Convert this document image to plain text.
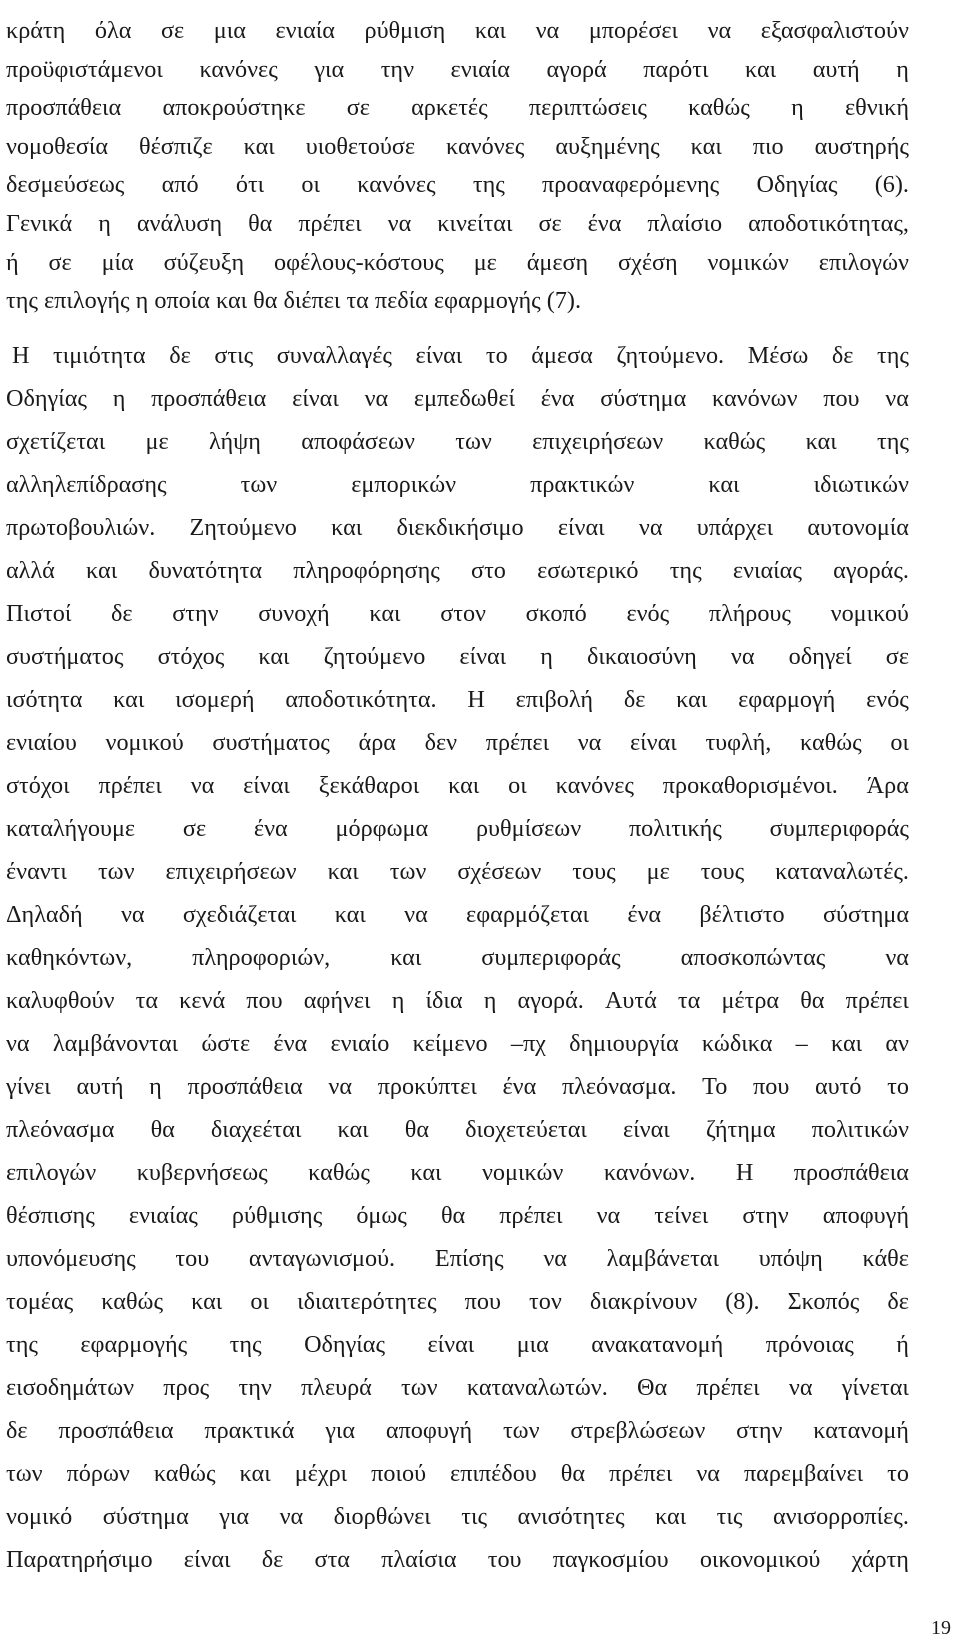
κράτη όλα σε μια ενιαία ρύθμιση και να μπορέσει να εξασφαλιστούν
προϋφιστάμενοι κανόνες για την ενιαία αγορά παρότι και αυτή η
προσπάθεια αποκρούστηκε σε αρκετές περιπτώσεις καθώς η εθνική
νομοθεσία θέσπιζε και υιοθετούσε κανόνες αυξημένης και πιο αυστηρής
δεσμεύσεως από ότι οι κανόνες της προαναφερόμενης Οδηγίας (6).
Γενικά η ανάλυση θα πρέπει να κινείται σε ένα πλαίσιο αποδοτικότητας,
ή σε μία σύζευξη οφέλους-κόστους με άμεση σχέση νομικών επιλογών
της επιλογής η οποία και θα διέπει τα πεδία εφαρμογής (7).
Η τιμιότητα δε στις συναλλαγές είναι το άμεσα ζητούμενο. Μέσω δε της
Οδηγίας η προσπάθεια είναι να εμπεδωθεί ένα σύστημα κανόνων που να
σχετίζεται με λήψη αποφάσεων των επιχειρήσεων καθώς και της
αλληλεπίδρασης	των	εμπορικών	πρακτικών	και	ιδιωτικών
πρωτοβουλιών. Ζητούμενο και διεκδικήσιμο είναι να υπάρχει αυτονομία
αλλά και δυνατότητα πληροφόρησης στο εσωτερικό της ενιαίας αγοράς.
Πιστοί δε στην συνοχή και στον σκοπό ενός πλήρους νομικού
συστήματος στόχος και ζητούμενο είναι η δικαιοσύνη να οδηγεί σε
ισότητα και ισομερή αποδοτικότητα. Η επιβολή δε και εφαρμογή ενός
ενιαίου νομικού συστήματος άρα δεν πρέπει να είναι τυφλή, καθώς οι
στόχοι πρέπει να είναι ξεκάθαροι και οι κανόνες προκαθορισμένοι. Άρα
καταλήγουμε σε ένα μόρφωμα ρυθμίσεων πολιτικής συμπεριφοράς
έναντι των επιχειρήσεων και των σχέσεων τους με τους καταναλωτές.
Δηλαδή να σχεδιάζεται και να εφαρμόζεται ένα βέλτιστο σύστημα
καθηκόντων, πληροφοριών, και συμπεριφοράς αποσκοπώντας να
καλυφθούν τα κενά που αφήνει η ίδια η αγορά. Αυτά τα μέτρα θα πρέπει
να λαμβάνονται ώστε ένα ενιαίο κείμενο –πχ δημιουργία κώδικα – και αν
γίνει αυτή η προσπάθεια να προκύπτει ένα πλεόνασμα. Το που αυτό το
πλεόνασμα θα διαχεέται και θα διοχετεύεται είναι ζήτημα πολιτικών
επιλογών κυβερνήσεως καθώς και νομικών κανόνων. Η προσπάθεια
θέσπισης ενιαίας ρύθμισης όμως θα πρέπει να τείνει στην αποφυγή
υπονόμευσης του ανταγωνισμού. Επίσης να λαμβάνεται υπόψη κάθε
τομέας καθώς και οι ιδιαιτερότητες που τον διακρίνουν (8). Σκοπός δε
της εφαρμογής της Οδηγίας είναι μια ανακατανομή πρόνοιας ή
εισοδημάτων προς την πλευρά των καταναλωτών. Θα πρέπει να γίνεται
δε προσπάθεια πρακτικά για αποφυγή των στρεβλώσεων στην κατανομή
των πόρων καθώς και μέχρι ποιού επιπέδου θα πρέπει να παρεμβαίνει το
νομικό σύστημα για να διορθώνει τις ανισότητες και τις ανισορροπίες.
Παρατηρήσιμο είναι δε στα πλαίσια του παγκοσμίου οικονομικού χάρτη
19
